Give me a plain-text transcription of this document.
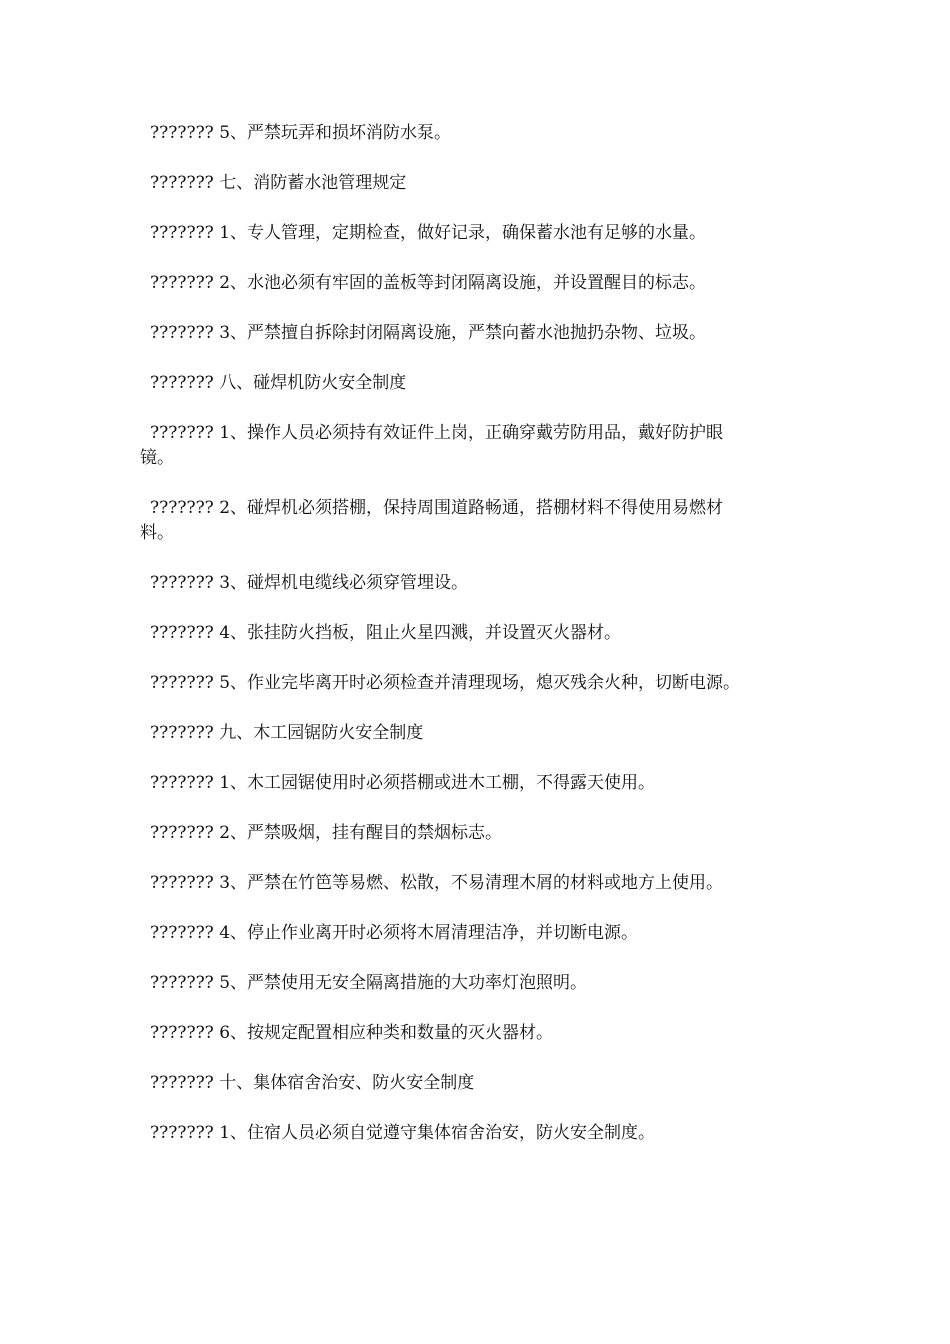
??????? 5、严禁玩弄和损坏消防水泵。

??????? 七、消防蓄水池管理规定

??????? 1、专人管理，定期检查，做好记录，确保蓄水池有足够的水量。

??????? 2、水池必须有牢固的盖板等封闭隔离设施，并设置醒目的标志。

??????? 3、严禁擅自拆除封闭隔离设施，严禁向蓄水池抛扔杂物、垃圾。

??????? 八、碰焊机防火安全制度

??????? 1、操作人员必须持有效证件上岗，正确穿戴劳防用品，戴好防护眼
镜。

??????? 2、碰焊机必须搭棚，保持周围道路畅通，搭棚材料不得使用易燃材
料。

??????? 3、碰焊机电缆线必须穿管埋设。

??????? 4、张挂防火挡板，阻止火星四溅，并设置灭火器材。

??????? 5、作业完毕离开时必须检查并清理现场，熄灭残余火种，切断电源。

??????? 九、木工园锯防火安全制度

??????? 1、木工园锯使用时必须搭棚或进木工棚，不得露天使用。

??????? 2、严禁吸烟，挂有醒目的禁烟标志。

??????? 3、严禁在竹笆等易燃、松散，不易清理木屑的材料或地方上使用。

??????? 4、停止作业离开时必须将木屑清理洁净，并切断电源。

??????? 5、严禁使用无安全隔离措施的大功率灯泡照明。

??????? 6、按规定配置相应种类和数量的灭火器材。

??????? 十、集体宿舍治安、防火安全制度

??????? 1、住宿人员必须自觉遵守集体宿舍治安，防火安全制度。
